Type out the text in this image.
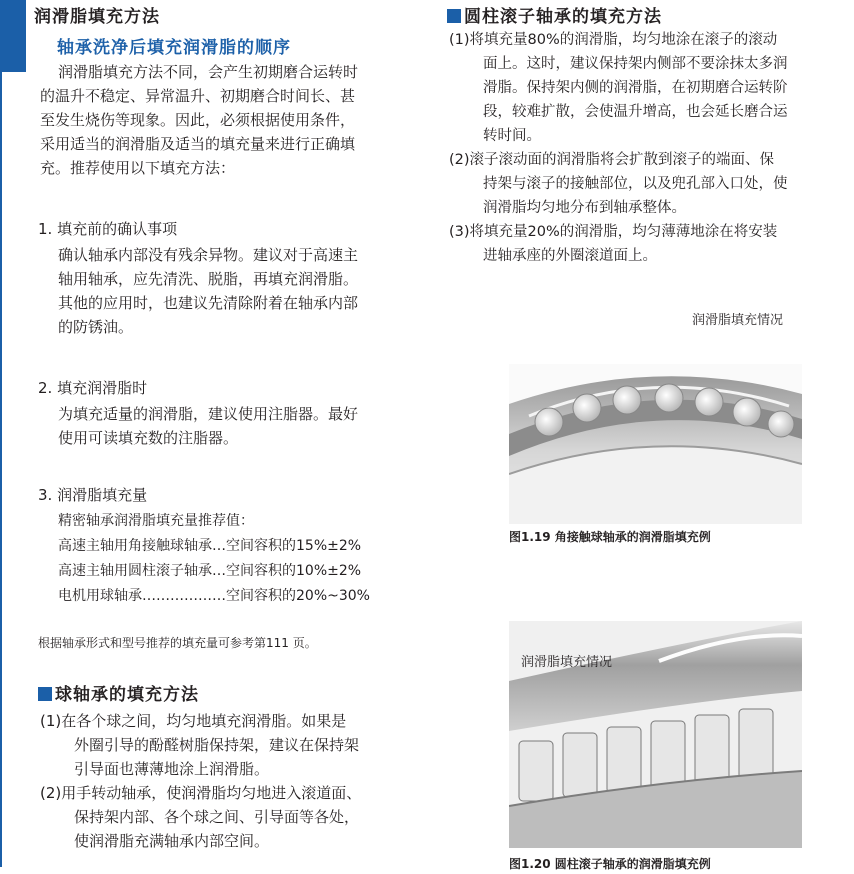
润滑脂填充方法
轴承洗净后填充润滑脂的顺序
润滑脂填充方法不同，会产生初期磨合运转时
的温升不稳定、异常温升、初期磨合时间长、甚
至发生烧伤等现象。因此，必须根据使用条件，
采用适当的润滑脂及适当的填充量来进行正确填
充。推荐使用以下填充方法：
1. 填充前的确认事项
确认轴承内部没有残余异物。建议对于高速主
轴用轴承，应先清洗、脱脂，再填充润滑脂。
其他的应用时，也建议先清除附着在轴承内部
的防锈油。
2. 填充润滑脂时
为填充适量的润滑脂，建议使用注脂器。最好
使用可读填充数的注脂器。
3. 润滑脂填充量
精密轴承润滑脂填充量推荐值：
高速主轴用角接触球轴承…空间容积的15%±2%
高速主轴用圆柱滚子轴承…空间容积的10%±2%
电机用球轴承………………空间容积的20%~30%
根据轴承形式和型号推荐的填充量可参考第111 页。
球轴承的填充方法
(1)在各个球之间，均匀地填充润滑脂。如果是
外圈引导的酚醛树脂保持架，建议在保持架
引导面也薄薄地涂上润滑脂。
(2)用手转动轴承，使润滑脂均匀地进入滚道面、
保持架内部、各个球之间、引导面等各处，
使润滑脂充满轴承内部空间。
圆柱滚子轴承的填充方法
(1)将填充量80%的润滑脂，均匀地涂在滚子的滚动
面上。这时，建议保持架内侧部不要涂抹太多润
滑脂。保持架内侧的润滑脂，在初期磨合运转阶
段，较难扩散，会使温升增高，也会延长磨合运
转时间。
(2)滚子滚动面的润滑脂将会扩散到滚子的端面、保
持架与滚子的接触部位，以及兜孔部入口处，使
润滑脂均匀地分布到轴承整体。
(3)将填充量20%的润滑脂，均匀薄薄地涂在将安装
进轴承座的外圈滚道面上。
润滑脂填充情况
图1.19 角接触球轴承的润滑脂填充例
润滑脂填充情况
图1.20 圆柱滚子轴承的润滑脂填充例
